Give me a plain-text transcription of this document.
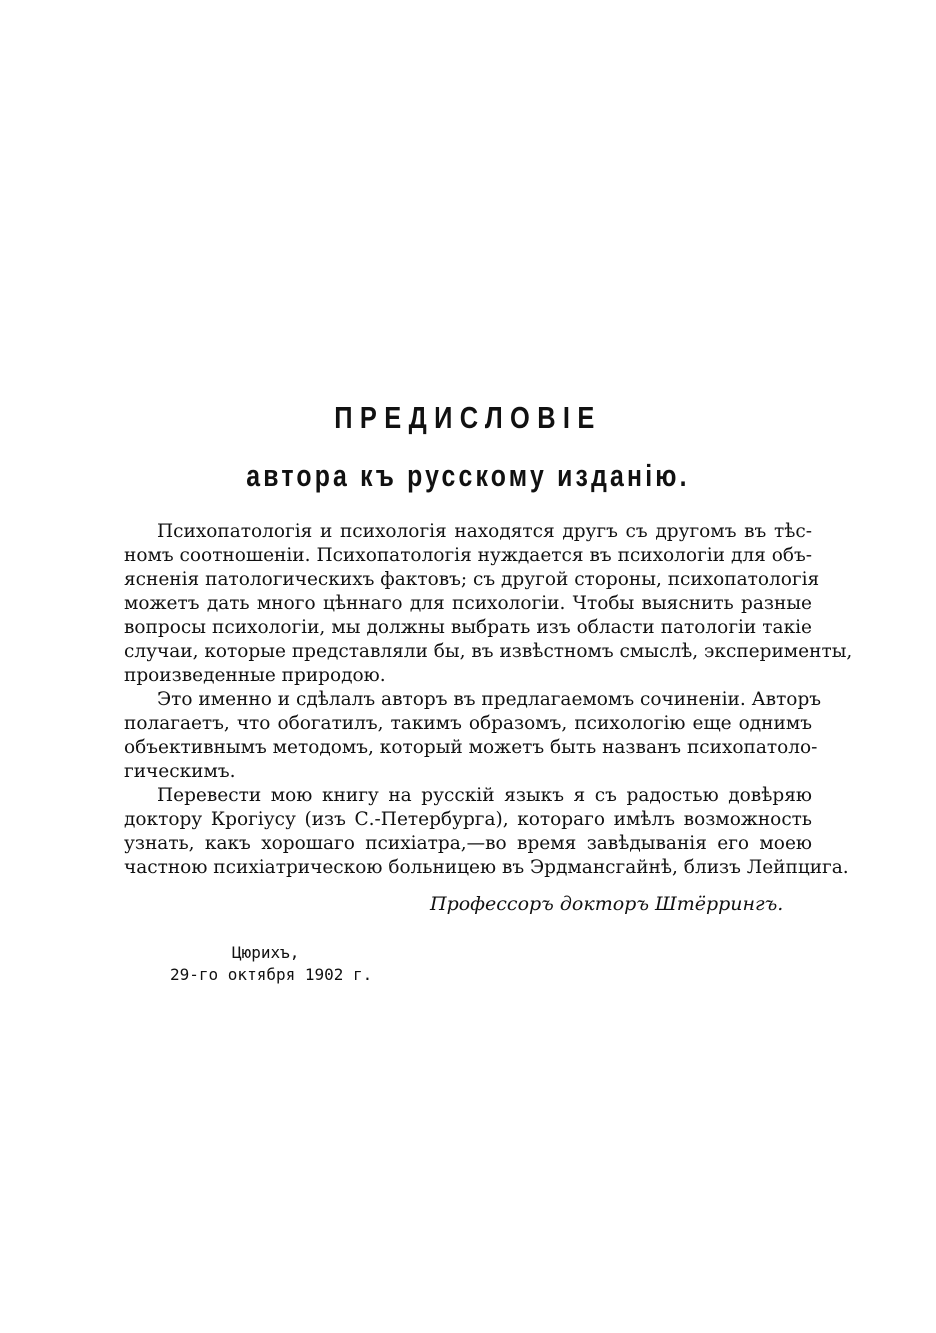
ПРЕДИСЛОВІЕ
автора къ русскому изданію.
Психопатологія и психологія находятся другъ съ другомъ въ тѣс-
номъ соотношеніи. Психопатологія нуждается въ психологіи для объ-
ясненія патологическихъ фактовъ; съ другой стороны, психопатологія
можетъ дать много цѣннаго для психологіи. Чтобы выяснить разные
вопросы психологіи, мы должны выбрать изъ области патологіи такіе
случаи, которые представляли бы, въ извѣстномъ смыслѣ, эксперименты,
произведенные природою.
Это именно и сдѣлалъ авторъ въ предлагаемомъ сочиненіи. Авторъ
полагаетъ, что обогатилъ, такимъ образомъ, психологію еще однимъ
объективнымъ методомъ, который можетъ быть названъ психопатоло-
гическимъ.
Перевести мою книгу на русскій языкъ я съ радостью довѣряю
доктору Крогіусу (изъ С.-Петербурга), котораго имѣлъ возможность
узнать, какъ хорошаго психіатра,—во время завѣдыванія его моею
частною психіатрическою больницею въ Эрдмансгайнѣ, близъ Лейпцига.
Профессоръ докторъ Штёррингъ.
Цюрихъ,
29-го октября 1902 г.
